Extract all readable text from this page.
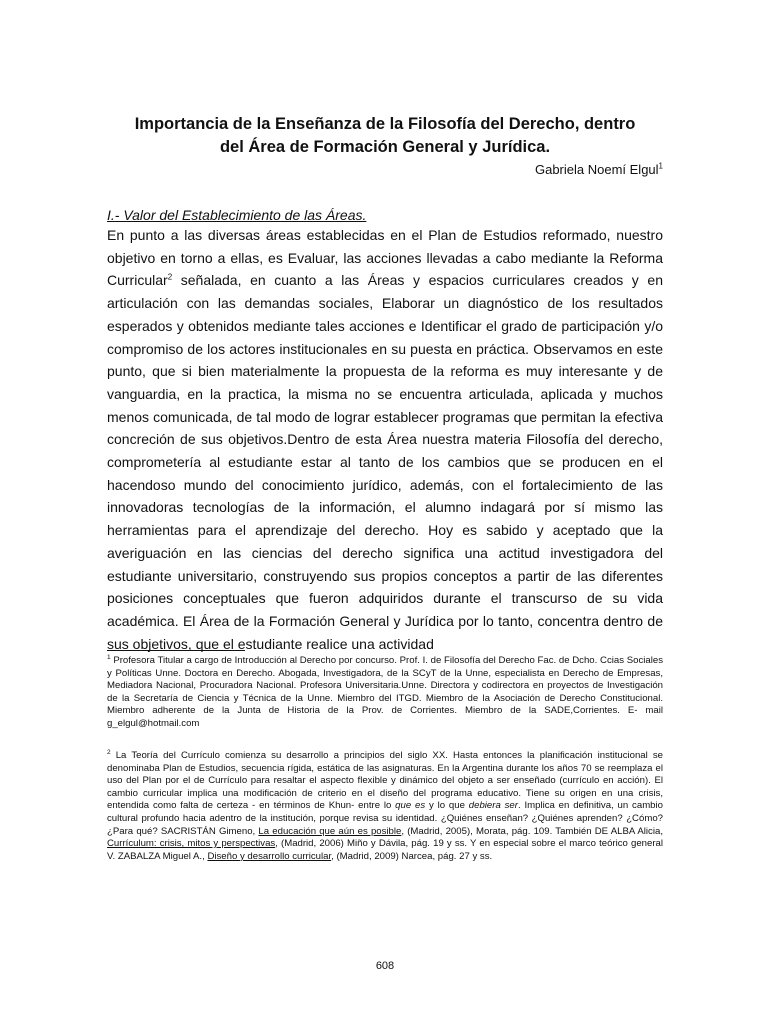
Importancia de la Enseñanza de la Filosofía del Derecho, dentro
del Área de Formación General y Jurídica.
Gabriela Noemí Elgul$^1$
I.- Valor del Establecimiento de las Áreas.

En punto a las diversas áreas establecidas en el Plan de Estudios reformado, nuestro objetivo en torno a ellas, es Evaluar, las acciones llevadas a cabo mediante la Reforma Curricular$^2$ señalada, en cuanto a las Áreas y espacios curriculares creados y en articulación con las demandas sociales, Elaborar un diagnóstico de los resultados esperados y obtenidos mediante tales acciones e Identificar el grado de participación y/o compromiso de los actores institucionales en su puesta en práctica. Observamos en este punto, que si bien materialmente la propuesta de la reforma es muy interesante y de vanguardia, en la practica, la misma no se encuentra articulada, aplicada y muchos menos comunicada, de tal modo de lograr establecer programas que permitan la efectiva concreción de sus objetivos.Dentro de esta Área nuestra materia Filosofía del derecho, comprometería al estudiante estar al tanto de los cambios que se producen en el hacendoso mundo del conocimiento jurídico, además, con el fortalecimiento de las innovadoras tecnologías de la información, el alumno indagará por sí mismo las herramientas para el aprendizaje del derecho. Hoy es sabido y aceptado que la averiguación en las ciencias del derecho significa una actitud investigadora del estudiante universitario, construyendo sus propios conceptos a partir de las diferentes posiciones conceptuales que fueron adquiridos durante el transcurso de su vida académica. El Área de la Formación General y Jurídica por lo tanto, concentra dentro de sus objetivos, que el estudiante realice una actividad

$^1$ Profesora Titular a cargo de Introducción al Derecho por concurso. Prof. I. de Filosofía del Derecho Fac. de Dcho. Ccias Sociales y Políticas Unne. Doctora en Derecho. Abogada, Investigadora, de la SCyT de la Unne, especialista en Derecho de Empresas, Mediadora Nacional, Procuradora Nacional. Profesora Universitaria.Unne. Directora y codirectora en proyectos de Investigación de la Secretaría de Ciencia y Técnica de la Unne. Miembro del ITGD. Miembro de la Asociación de Derecho Constitucional. Miembro adherente de la Junta de Historia de la Prov. de Corrientes. Miembro de la SADE,Corrientes. E- mail g_elgul@hotmail.com

$^2$ La Teoría del Currículo comienza su desarrollo a principios del siglo XX. Hasta entonces la planificación institucional se denominaba Plan de Estudios, secuencia rígida, estática de las asignaturas. En la Argentina durante los años 70 se reemplaza el uso del Plan por el de Currículo para resaltar el aspecto flexible y dinámico del objeto a ser enseñado (currículo en acción). El cambio curricular implica una modificación de criterio en el diseño del programa educativo. Tiene su origen en una crisis, entendida como falta de certeza - en términos de Khun- entre lo que es y lo que debiera ser. Implica en definitiva, un cambio cultural profundo hacia adentro de la institución, porque revisa su identidad. ¿Quiénes enseñan? ¿Quiénes aprenden? ¿Cómo? ¿Para qué? SACRISTÁN Gimeno, La educación que aún es posible, (Madrid, 2005), Morata, pág. 109. También DE ALBA Alicia, Currículum: crisis, mitos y perspectivas, (Madrid, 2006) Miño y Dávila, pág. 19 y ss. Y en especial sobre el marco teórico general V. ZABALZA Miguel A., Diseño y desarrollo curricular, (Madrid, 2009) Narcea, pág. 27 y ss.

608
